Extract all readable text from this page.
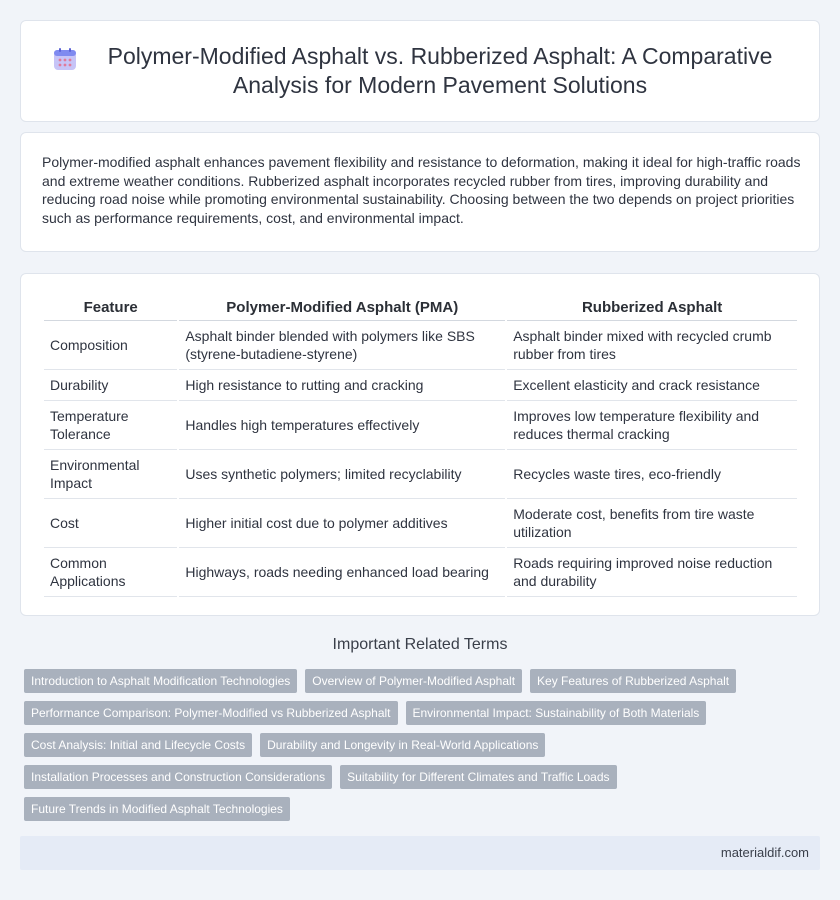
Polymer-Modified Asphalt vs. Rubberized Asphalt: A Comparative Analysis for Modern Pavement Solutions

Polymer-modified asphalt enhances pavement flexibility and resistance to deformation, making it ideal for high-traffic roads and extreme weather conditions. Rubberized asphalt incorporates recycled rubber from tires, improving durability and reducing road noise while promoting environmental sustainability. Choosing between the two depends on project priorities such as performance requirements, cost, and environmental impact.

Feature	Polymer-Modified Asphalt (PMA)	Rubberized Asphalt
Composition	Asphalt binder blended with polymers like SBS (styrene-butadiene-styrene)	Asphalt binder mixed with recycled crumb rubber from tires
Durability	High resistance to rutting and cracking	Excellent elasticity and crack resistance
Temperature Tolerance	Handles high temperatures effectively	Improves low temperature flexibility and reduces thermal cracking
Environmental Impact	Uses synthetic polymers; limited recyclability	Recycles waste tires, eco-friendly
Cost	Higher initial cost due to polymer additives	Moderate cost, benefits from tire waste utilization
Common Applications	Highways, roads needing enhanced load bearing	Roads requiring improved noise reduction and durability
Important Related Terms
Introduction to Asphalt Modification Technologies	Overview of Polymer-Modified Asphalt	Key Features of Rubberized Asphalt
Performance Comparison: Polymer-Modified vs Rubberized Asphalt	Environmental Impact: Sustainability of Both Materials
Cost Analysis: Initial and Lifecycle Costs	Durability and Longevity in Real-World Applications
Installation Processes and Construction Considerations	Suitability for Different Climates and Traffic Loads
Future Trends in Modified Asphalt Technologies
materialdif.com
